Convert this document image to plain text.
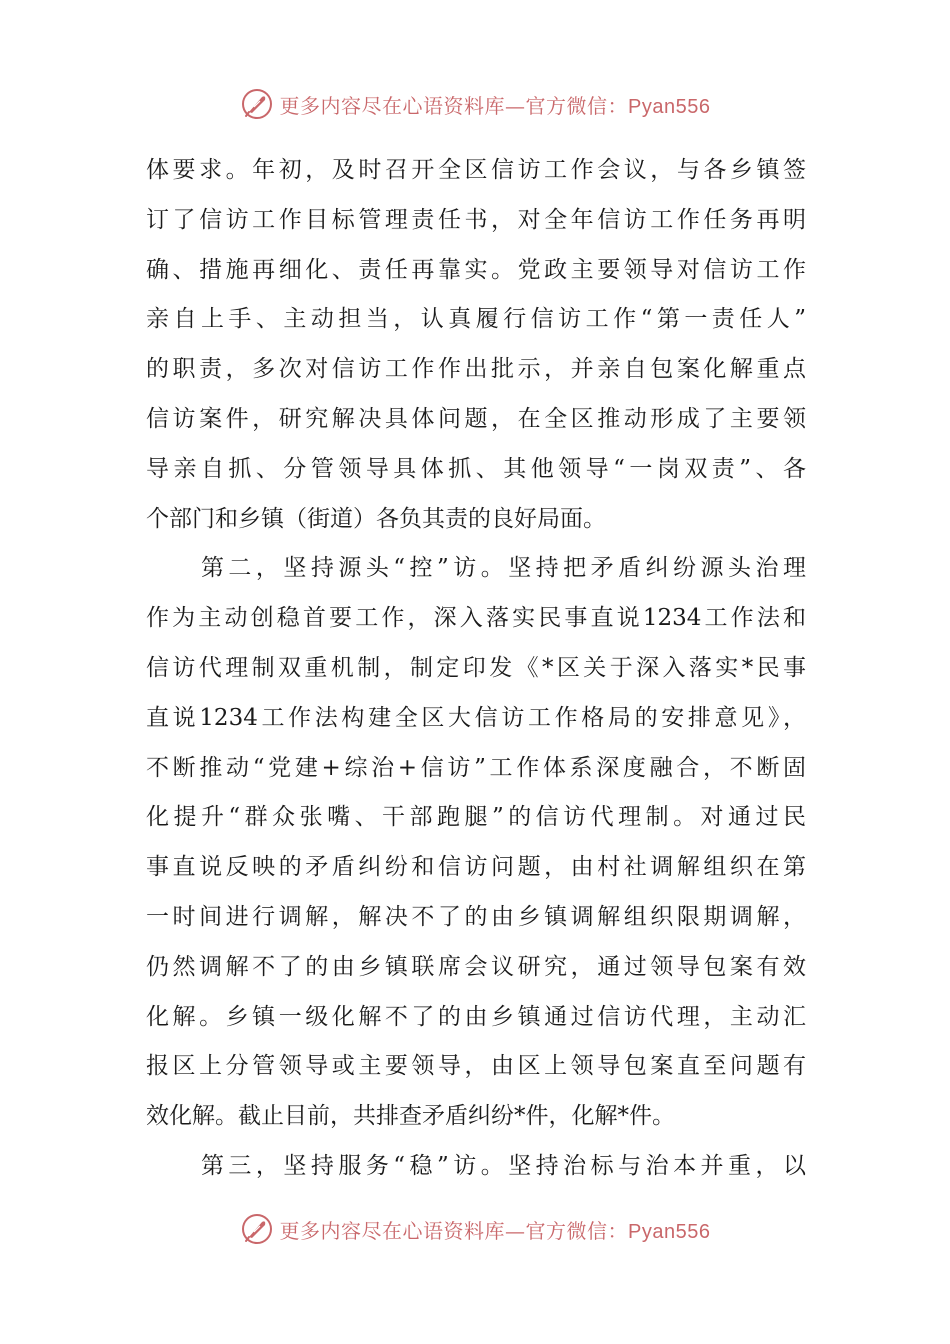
更多内容尽在心语资料库—官方微信：Pyan556
体要求。年初，及时召开全区信访工作会议，与各乡镇签
订了信访工作目标管理责任书，对全年信访工作任务再明
确、措施再细化、责任再靠实。党政主要领导对信访工作
亲自上手、主动担当，认真履行信访工作“第一责任人”
的职责，多次对信访工作作出批示，并亲自包案化解重点
信访案件，研究解决具体问题，在全区推动形成了主要领
导亲自抓、分管领导具体抓、其他领导“一岗双责”、各
个部门和乡镇（街道）各负其责的良好局面。
　　第二，坚持源头“控”访。坚持把矛盾纠纷源头治理
作为主动创稳首要工作，深入落实民事直说1234工作法和
信访代理制双重机制，制定印发《*区关于深入落实*民事
直说1234工作法构建全区大信访工作格局的安排意见》，
不断推动“党建+综治+信访”工作体系深度融合，不断固
化提升“群众张嘴、干部跑腿”的信访代理制。对通过民
事直说反映的矛盾纠纷和信访问题，由村社调解组织在第
一时间进行调解，解决不了的由乡镇调解组织限期调解，
仍然调解不了的由乡镇联席会议研究，通过领导包案有效
化解。乡镇一级化解不了的由乡镇通过信访代理，主动汇
报区上分管领导或主要领导，由区上领导包案直至问题有
效化解。截止目前，共排查矛盾纠纷*件，化解*件。
　　第三，坚持服务“稳”访。坚持治标与治本并重，以
更多内容尽在心语资料库—官方微信：Pyan556
